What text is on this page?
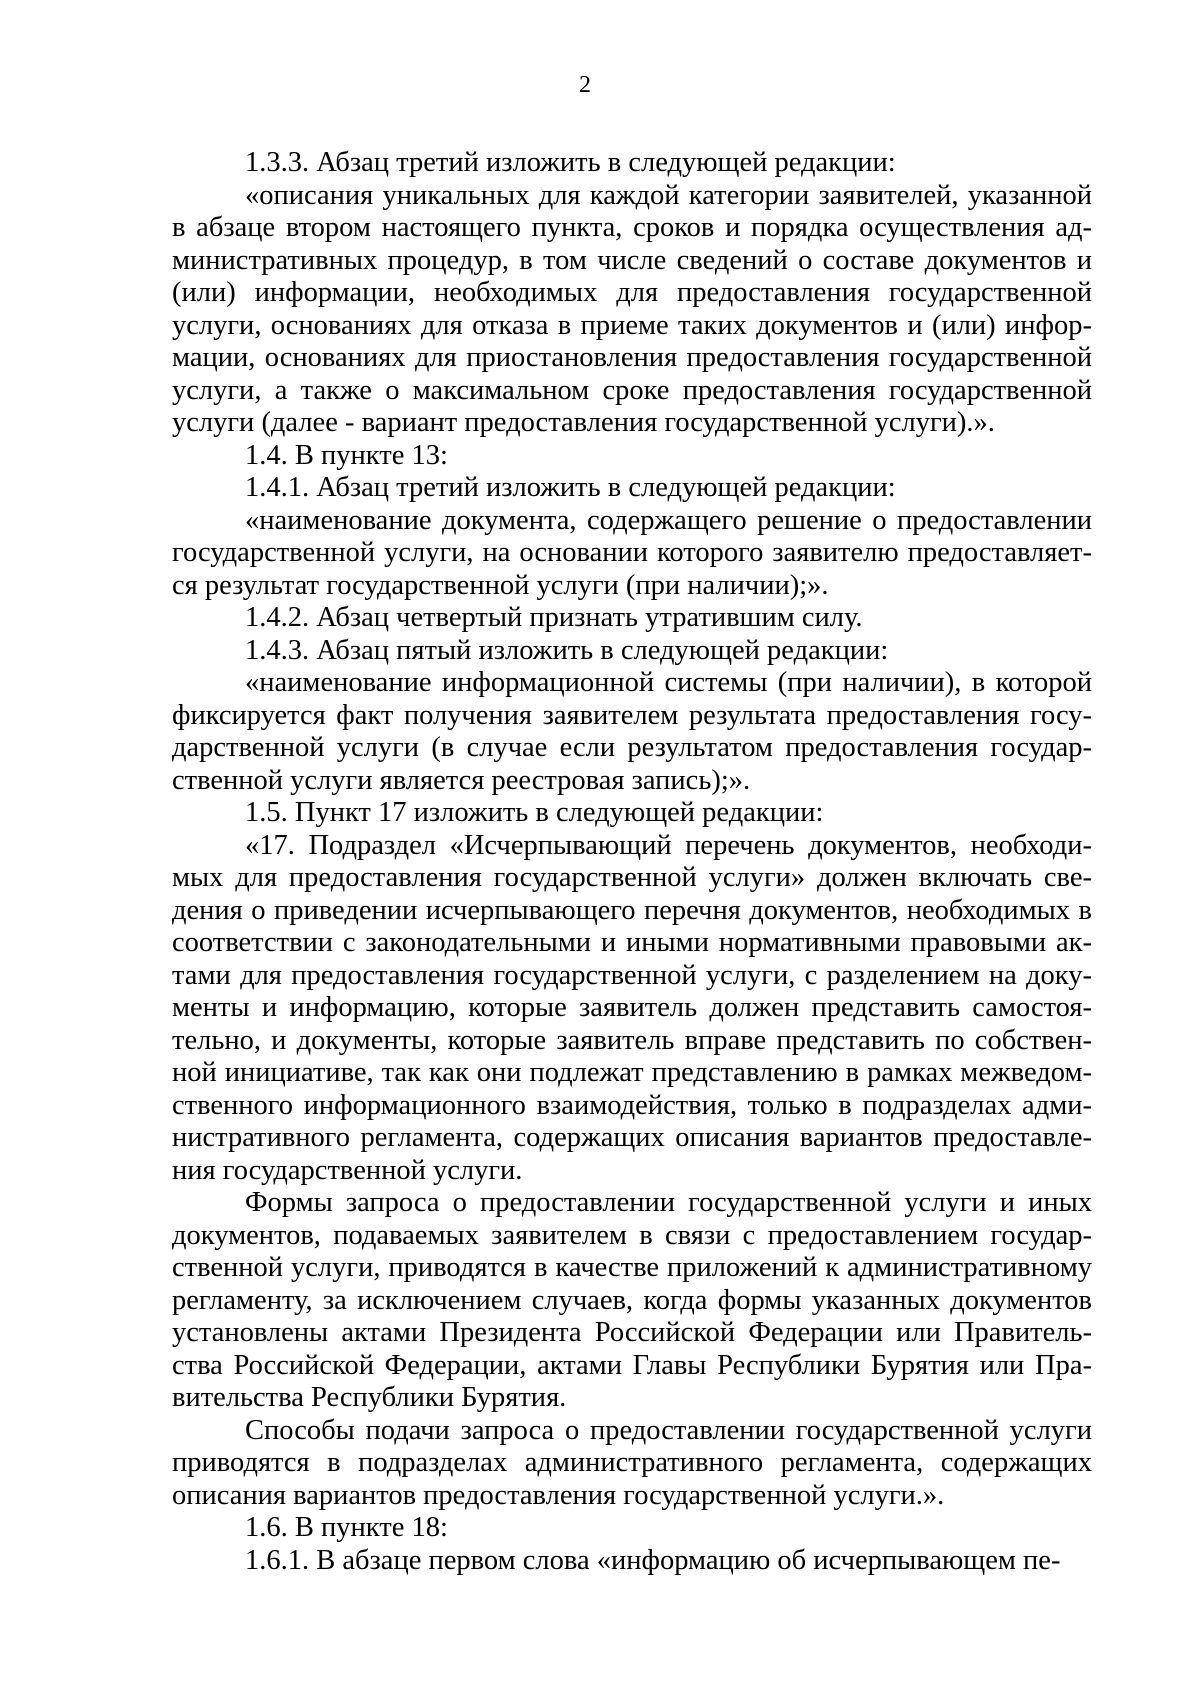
2

1.3.3. Абзац третий изложить в следующей редакции:

«описания уникальных для каждой категории заявителей, указанной в абзаце втором настоящего пункта, сроков и порядка осуществления административных процедур, в том числе сведений о составе документов и (или) информации, необходимых для предоставления государственной услуги, основаниях для отказа в приеме таких документов и (или) информации, основаниях для приостановления предоставления государственной услуги, а также о максимальном сроке предоставления государственной услуги (далее - вариант предоставления государственной услуги).».

1.4. В пункте 13:

1.4.1. Абзац третий изложить в следующей редакции:

«наименование документа, содержащего решение о предоставлении государственной услуги, на основании которого заявителю предоставляется результат государственной услуги (при наличии);».

1.4.2. Абзац четвертый признать утратившим силу.

1.4.3. Абзац пятый изложить в следующей редакции:

«наименование информационной системы (при наличии), в которой фиксируется факт получения заявителем результата предоставления государственной услуги (в случае если результатом предоставления государственной услуги является реестровая запись);».

1.5. Пункт 17 изложить в следующей редакции:

«17. Подраздел «Исчерпывающий перечень документов, необходимых для предоставления государственной услуги» должен включать сведения о приведении исчерпывающего перечня документов, необходимых в соответствии с законодательными и иными нормативными правовыми актами для предоставления государственной услуги, с разделением на документы и информацию, которые заявитель должен представить самостоятельно, и документы, которые заявитель вправе представить по собственной инициативе, так как они подлежат представлению в рамках межведомственного информационного взаимодействия, только в подразделах административного регламента, содержащих описания вариантов предоставления государственной услуги.

Формы запроса о предоставлении государственной услуги и иных документов, подаваемых заявителем в связи с предоставлением государственной услуги, приводятся в качестве приложений к административному регламенту, за исключением случаев, когда формы указанных документов установлены актами Президента Российской Федерации или Правительства Российской Федерации, актами Главы Республики Бурятия или Правительства Республики Бурятия.

Способы подачи запроса о предоставлении государственной услуги приводятся в подразделах административного регламента, содержащих описания вариантов предоставления государственной услуги.».

1.6. В пункте 18:

1.6.1. В абзаце первом слова «информацию об исчерпывающем пе-
